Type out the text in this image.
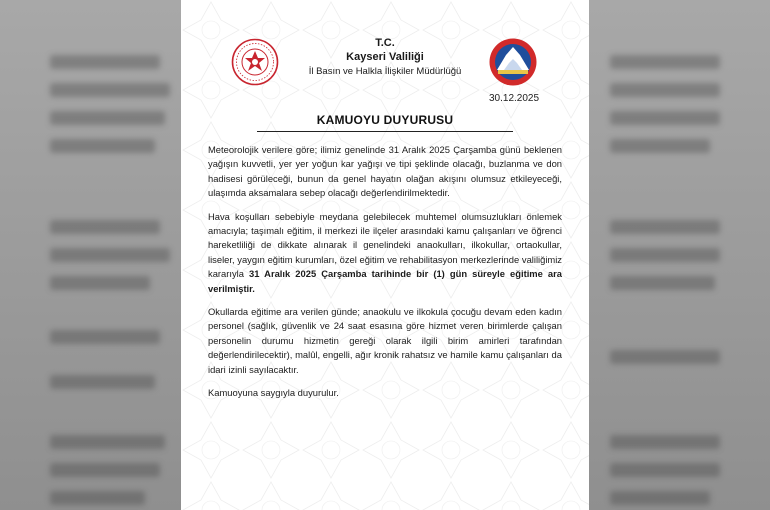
T.C.
Kayseri Valiliği
İl Basın ve Halkla İlişkiler Müdürlüğü
30.12.2025
KAMUOYU DUYURUSU

Meteorolojik verilere göre; ilimiz genelinde 31 Aralık 2025 Çarşamba günü beklenen yağışın kuvvetli, yer yer yoğun kar yağışı ve tipi şeklinde olacağı, buzlanma ve don hadisesi görüleceği, bunun da genel hayatın olağan akışını olumsuz etkileyeceği, ulaşımda aksamalara sebep olacağı değerlendirilmektedir.

Hava koşulları sebebiyle meydana gelebilecek muhtemel olumsuzlukları önlemek amacıyla; taşımalı eğitim, il merkezi ile ilçeler arasındaki kamu çalışanları ve öğrenci hareketliliği de dikkate alınarak il genelindeki anaokulları, ilkokullar, ortaokullar, liseler, yaygın eğitim kurumları, özel eğitim ve rehabilitasyon merkezlerinde valiliğimiz kararıyla 31 Aralık 2025 Çarşamba tarihinde bir (1) gün süreyle eğitime ara verilmiştir.

Okullarda eğitime ara verilen günde; anaokulu ve ilkokula çocuğu devam eden kadın personel (sağlık, güvenlik ve 24 saat esasına göre hizmet veren birimlerde çalışan personelin durumu hizmetin gereği olarak ilgili birim amirleri tarafından değerlendirilecektir), malûl, engelli, ağır kronik rahatsız ve hamile kamu çalışanları da idari izinli sayılacaktır.

Kamuoyuna saygıyla duyurulur.
